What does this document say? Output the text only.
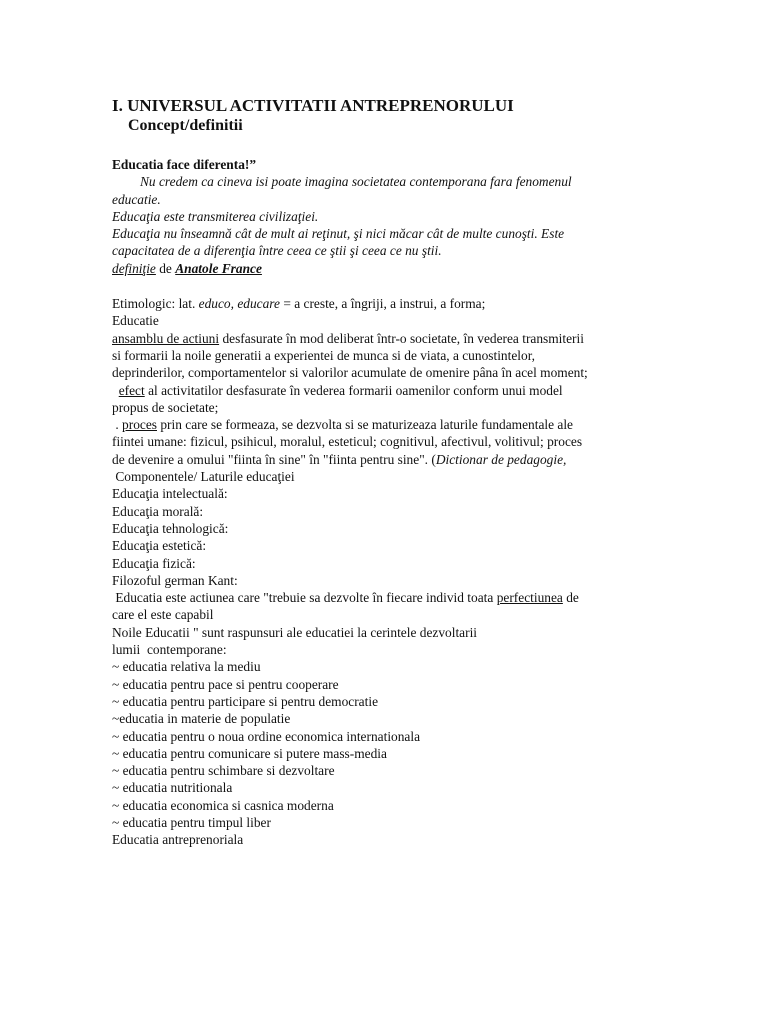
I. UNIVERSUL ACTIVITATII ANTREPRENORULUI

Concept/definitii

Educatia face diferenta!”

Nu credem ca cineva isi poate imagina societatea contemporana fara fenomenul

educatie.

Educaţia este transmiterea civilizaţiei.

Educaţia nu înseamnă cât de mult ai reţinut, şi nici măcar cât de multe cunoşti. Este

capacitatea de a diferenţia între ceea ce ştii şi ceea ce nu ştii.

definiţie de Anatole France

Etimologic: lat. educo, educare = a creste, a îngriji, a instrui, a forma;

Educatie

ansamblu de actiuni desfasurate în mod deliberat într-o societate, în vederea transmiterii

si formarii la noile generatii a experientei de munca si de viata, a cunostintelor,

deprinderilor, comportamentelor si valorilor acumulate de omenire pâna în acel moment;

efect al activitatilor desfasurate în vederea formarii oamenilor conform unui model

propus de societate;

. proces prin care se formeaza, se dezvolta si se maturizeaza laturile fundamentale ale

fiintei umane: fizicul, psihicul, moralul, esteticul; cognitivul, afectivul, volitivul; proces

de devenire a omului "fiinta în sine" în "fiinta pentru sine". (Dictionar de pedagogie,

Componentele/ Laturile educaţiei

Educaţia intelectuală:

Educaţia morală:

Educaţia tehnologică:

Educaţia estetică:

Educaţia fizică:

Filozoful german Kant:

Educatia este actiunea care "trebuie sa dezvolte în fiecare individ toata perfectiunea de

care el este capabil

Noile Educatii " sunt raspunsuri ale educatiei la cerintele dezvoltarii

lumii  contemporane:

~ educatia relativa la mediu

~ educatia pentru pace si pentru cooperare

~ educatia pentru participare si pentru democratie

~educatia in materie de populatie

~ educatia pentru o noua ordine economica internationala

~ educatia pentru comunicare si putere mass-media

~ educatia pentru schimbare si dezvoltare

~ educatia nutritionala

~ educatia economica si casnica moderna

~ educatia pentru timpul liber

Educatia antreprenoriala
